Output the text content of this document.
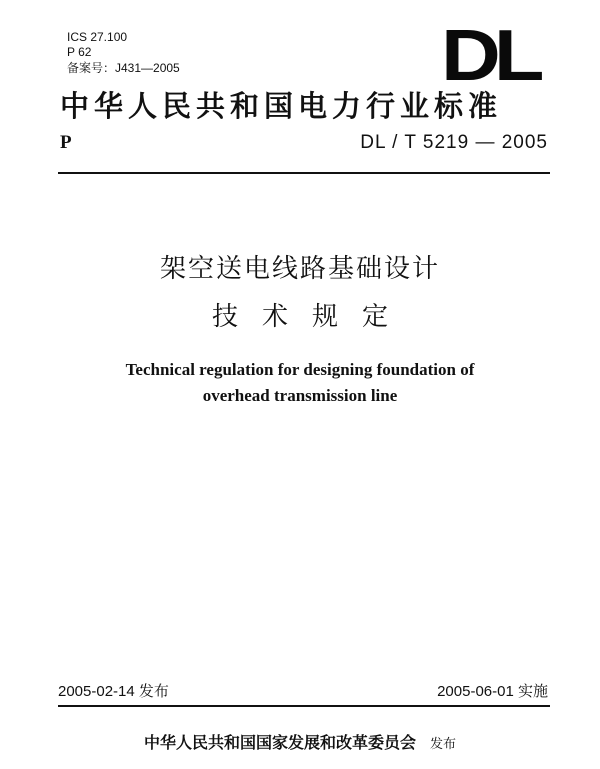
ICS 27.100
P 62
备案号：J431—2005	DL
中华人民共和国电力行业标准
P	DL / T 5219 — 2005
架空送电线路基础设计
技术规定
Technical regulation for designing foundation of
overhead transmission line
2005-02-14 发布	2005-06-01 实施
中华人民共和国国家发展和改革委员会 发布
